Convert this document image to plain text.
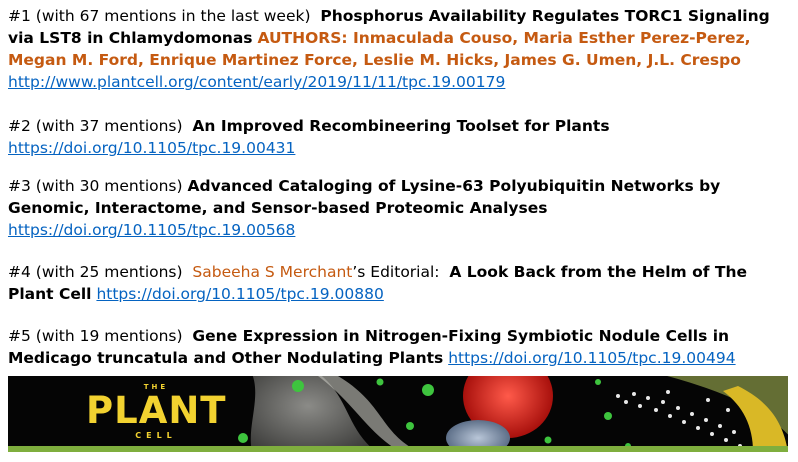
#1 (with 67 mentions in the last week) Phosphorus Availability Regulates TORC1 Signaling via LST8 in Chlamydomonas AUTHORS: Inmaculada Couso, Maria Esther Perez-Perez, Megan M. Ford, Enrique Martinez Force, Leslie M. Hicks, James G. Umen, J.L. Crespo http://www.plantcell.org/content/early/2019/11/11/tpc.19.00179
#2 (with 37 mentions) An Improved Recombineering Toolset for Plants
https://doi.org/10.1105/tpc.19.00431
#3 (with 30 mentions) Advanced Cataloging of Lysine-63 Polyubiquitin Networks by Genomic, Interactome, and Sensor-based Proteomic Analyses
https://doi.org/10.1105/tpc.19.00568
#4 (with 25 mentions) Sabeeha S Merchant’s Editorial: A Look Back from the Helm of The Plant Cell https://doi.org/10.1105/tpc.19.00880
#5 (with 19 mentions) Gene Expression in Nitrogen-Fixing Symbiotic Nodule Cells in Medicago truncatula and Other Nodulating Plants https://doi.org/10.1105/tpc.19.00494
THE
PLANT
CELL
